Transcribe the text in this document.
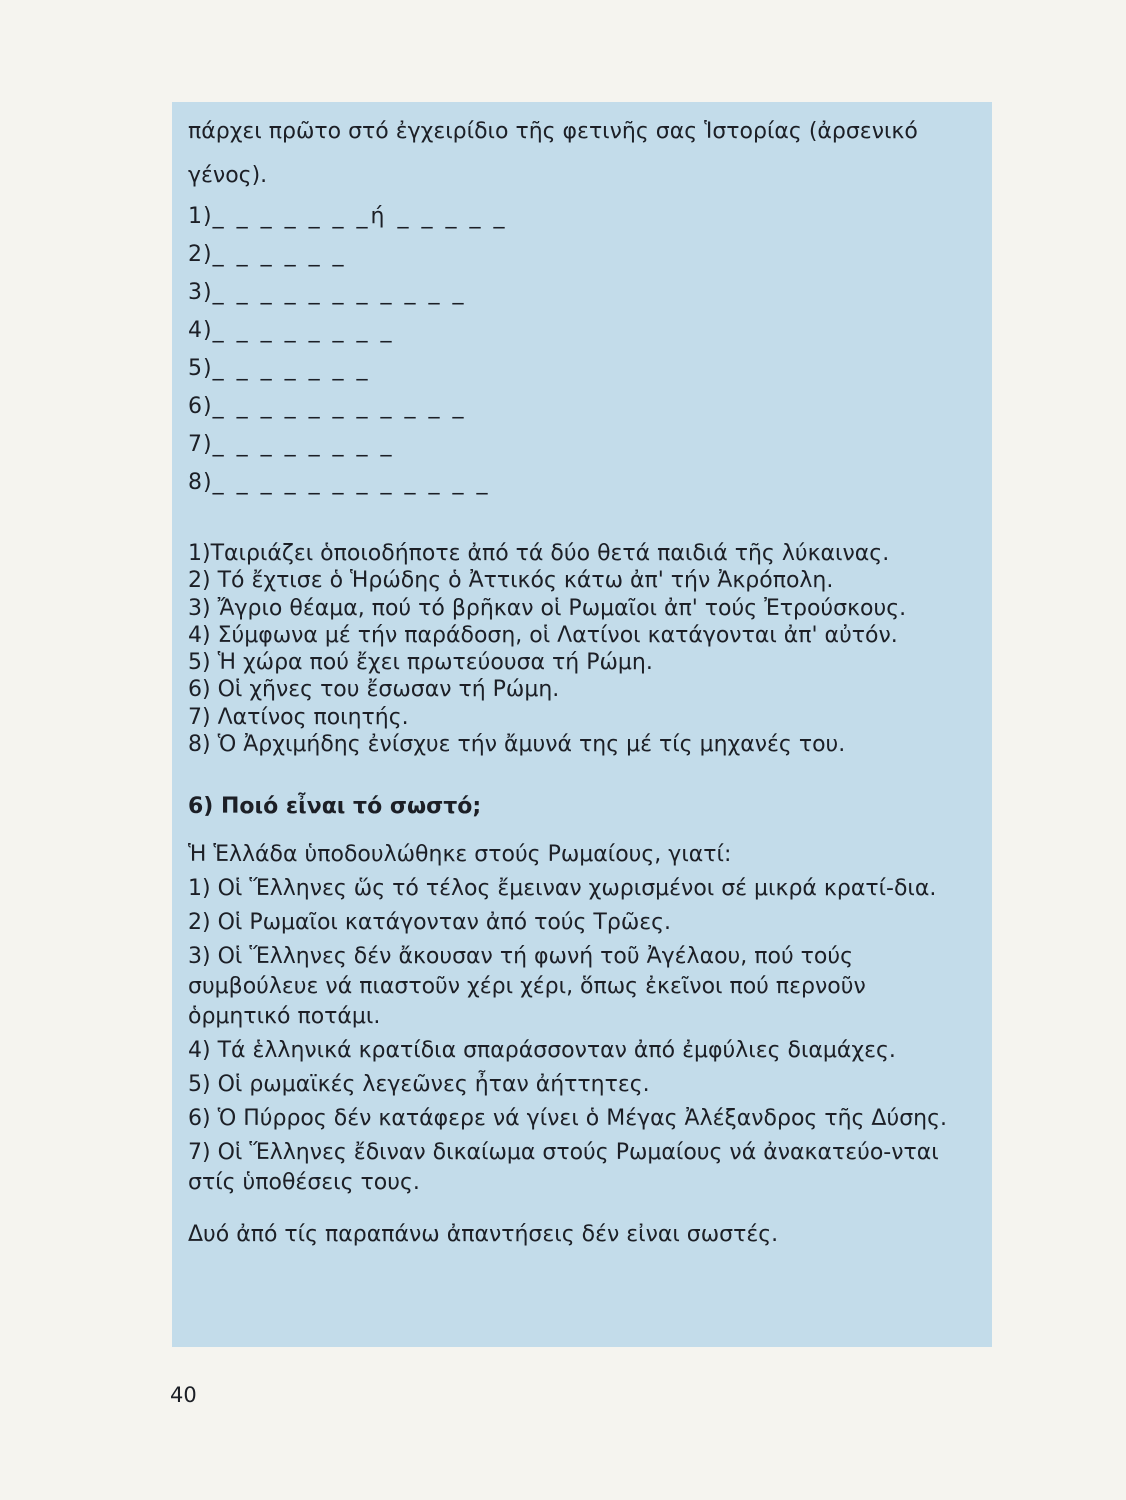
πάρχει πρῶτο στό ἐγχειρίδιο τῆς φετινῆς σας Ἱστορίας (ἀρσενικό

γένος).

1)_ _ _ _ _ _ _ή _ _ _ _ _
2)_ _ _ _ _ _
3)_ _ _ _ _ _ _ _ _ _ _
4)_ _ _ _ _ _ _ _
5)_ _ _ _ _ _ _
6)_ _ _ _ _ _ _ _ _ _ _
7)_ _ _ _ _ _ _ _
8)_ _ _ _ _ _ _ _ _ _ _ _

1)Ταιριάζει ὁποιοδήποτε ἀπό τά δύο θετά παιδιά τῆς λύκαινας.

2) Τό ἔχτισε ὁ Ἡρώδης ὁ Ἀττικός κάτω ἀπ' τήν Ἀκρόπολη.

3) Ἄγριο θέαμα, πού τό βρῆκαν οἱ Ρωμαῖοι ἀπ' τούς Ἐτρούσκους.

4) Σύμφωνα μέ τήν παράδοση, οἱ Λατίνοι κατάγονται ἀπ' αὐτόν.

5) Ἡ χώρα πού ἔχει πρωτεύουσα τή Ρώμη.

6) Οἱ χῆνες του ἔσωσαν τή Ρώμη.

7) Λατίνος ποιητής.

8) Ὁ Ἀρχιμήδης ἐνίσχυε τήν ἄμυνά της μέ τίς μηχανές του.

6) Ποιό εἶναι τό σωστό;

Ἡ Ἑλλάδα ὑποδουλώθηκε στούς Ρωμαίους, γιατί:

1) Οἱ Ἕλληνες ὥς τό τέλος ἔμειναν χωρισμένοι σέ μικρά κρατί-δια.

2) Οἱ Ρωμαῖοι κατάγονταν ἀπό τούς Τρῶες.

3) Οἱ Ἕλληνες δέν ἄκουσαν τή φωνή τοῦ Ἀγέλαου, πού τούς συμβούλευε νά πιαστοῦν χέρι χέρι, ὅπως ἐκεῖνοι πού περνοῦν ὁρμητικό ποτάμι.

4) Τά ἑλληνικά κρατίδια σπαράσσονταν ἀπό ἐμφύλιες διαμάχες.

5) Οἱ ρωμαϊκές λεγεῶνες ἦταν ἀήττητες.

6) Ὁ Πύρρος δέν κατάφερε νά γίνει ὁ Μέγας Ἀλέξανδρος τῆς Δύσης.

7) Οἱ Ἕλληνες ἔδιναν δικαίωμα στούς Ρωμαίους νά ἀνακατεύο-νται στίς ὑποθέσεις τους.

Δυό ἀπό τίς παραπάνω ἀπαντήσεις δέν εἰναι σωστές.

40
